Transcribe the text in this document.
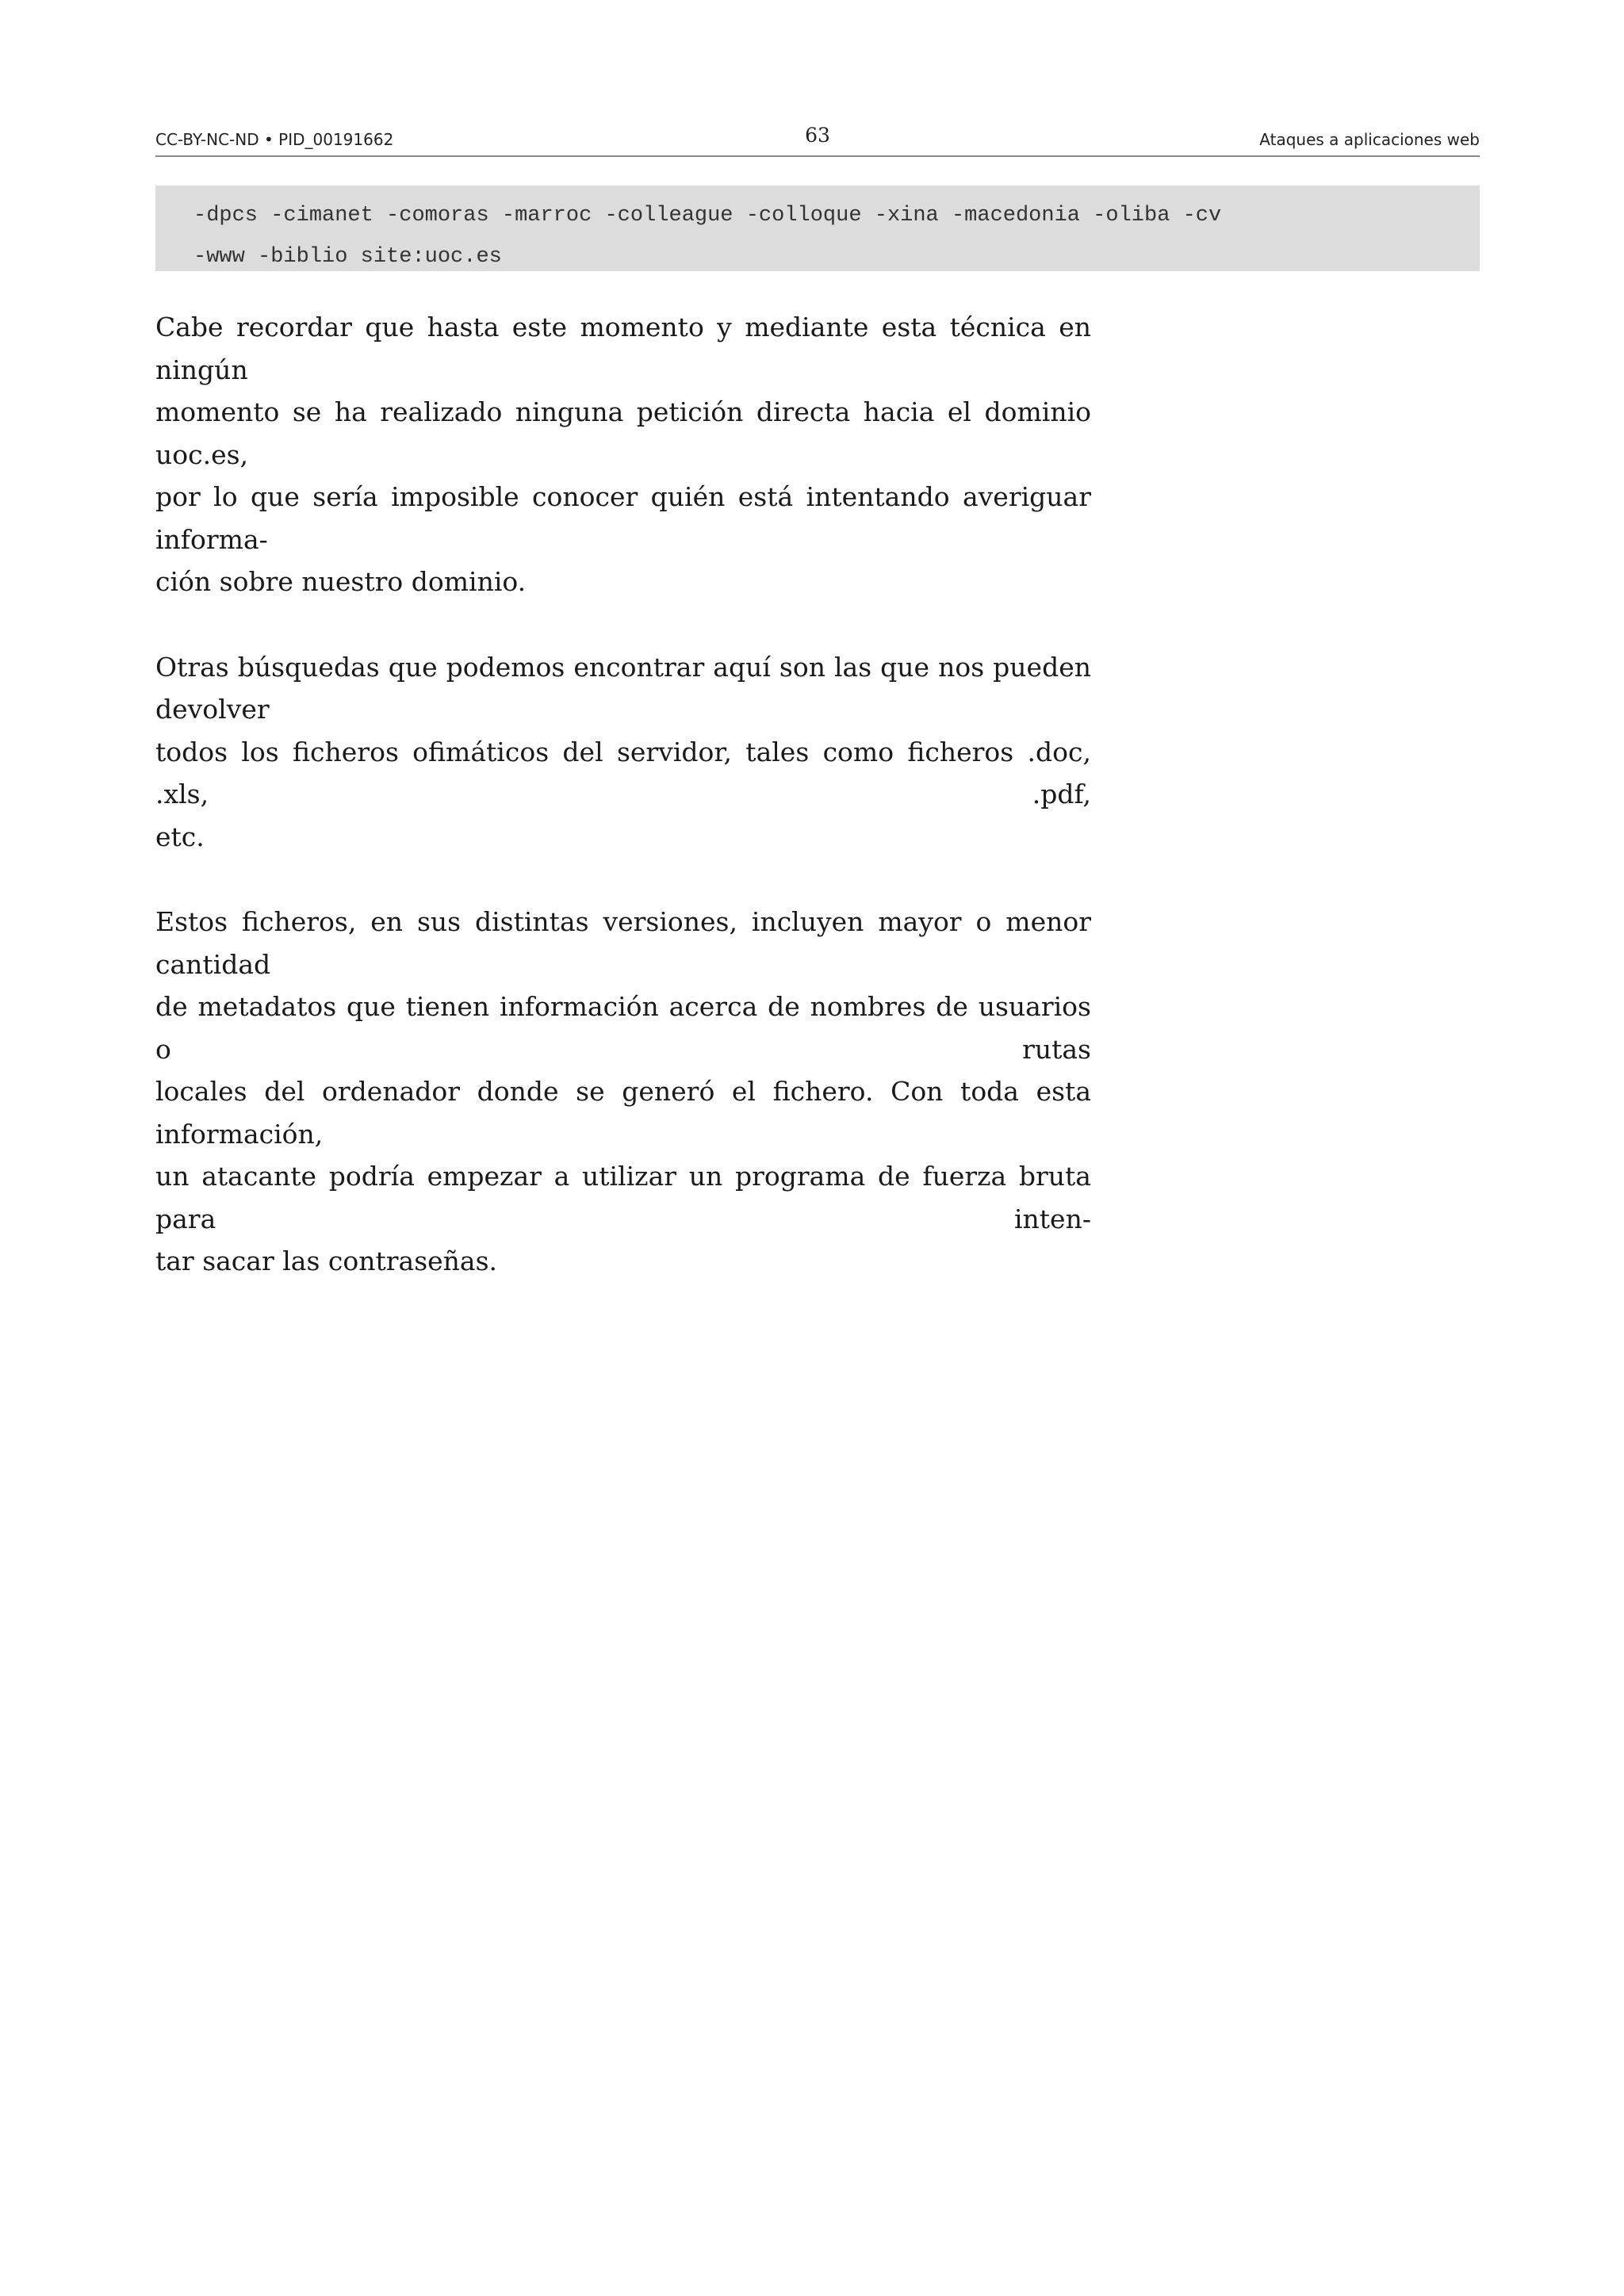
CC-BY-NC-ND • PID_00191662	63	Ataques a aplicaciones web
-dpcs -cimanet -comoras -marroc -colleague -colloque -xina -macedonia -oliba -cv
-www -biblio site:uoc.es

Cabe recordar que hasta este momento y mediante esta técnica en ningún
momento se ha realizado ninguna petición directa hacia el dominio uoc.es,
por lo que sería imposible conocer quién está intentando averiguar informa-
ción sobre nuestro dominio.

Otras búsquedas que podemos encontrar aquí son las que nos pueden devolver
todos los ficheros ofimáticos del servidor, tales como ficheros .doc, .xls, .pdf,
etc.

Estos ficheros, en sus distintas versiones, incluyen mayor o menor cantidad
de metadatos que tienen información acerca de nombres de usuarios o rutas
locales del ordenador donde se generó el fichero. Con toda esta información,
un atacante podría empezar a utilizar un programa de fuerza bruta para inten-
tar sacar las contraseñas.
